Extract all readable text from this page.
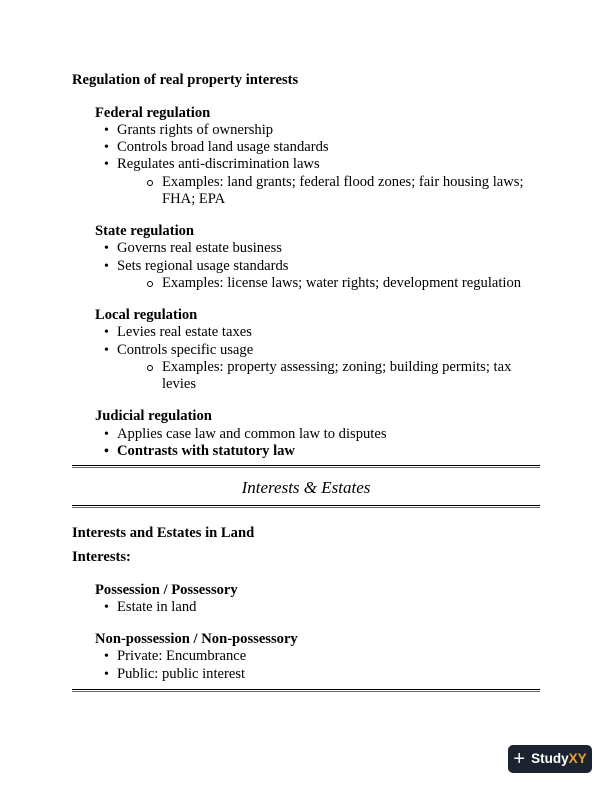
Regulation of real property interests
Federal regulation
• Grants rights of ownership
• Controls broad land usage standards
• Regulates anti-discrimination laws
Examples: land grants; federal flood zones; fair housing laws;
FHA; EPA
State regulation
• Governs real estate business
• Sets regional usage standards
Examples: license laws; water rights; development regulation
Local regulation
• Levies real estate taxes
• Controls specific usage
Examples: property assessing; zoning; building permits; tax
levies
Judicial regulation
• Applies case law and common law to disputes
• Contrasts with statutory law
Interests & Estates
Interests and Estates in Land
Interests:
Possession / Possessory
• Estate in land
Non-possession / Non-possessory
• Private: Encumbrance
• Public: public interest
+ Study XY
